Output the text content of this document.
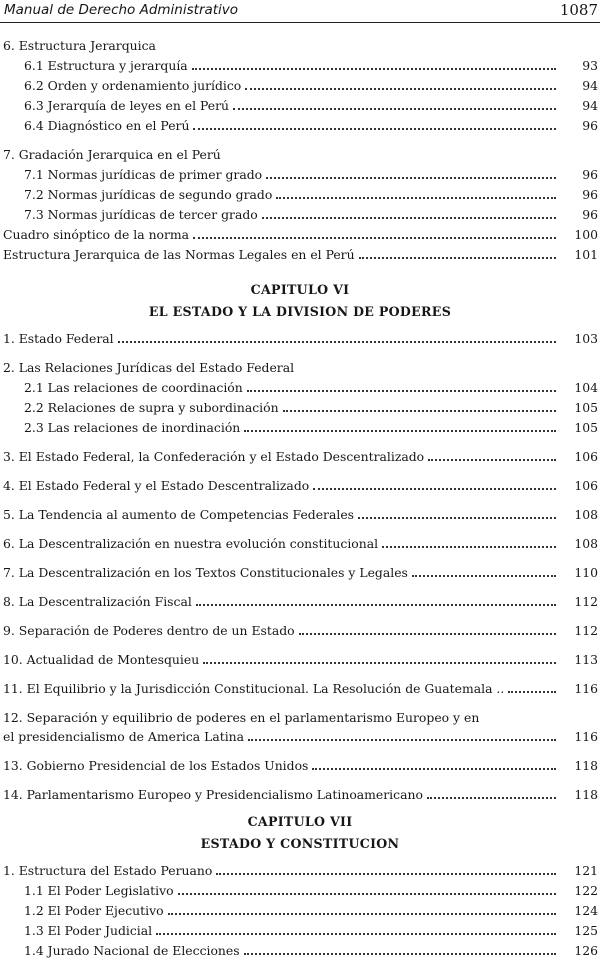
Manual de Derecho Administrativo	1087
6. Estructura Jerarquica
6.1 Estructura y jerarquía	93
6.2 Orden y ordenamiento jurídico	94
6.3 Jerarquía de leyes en el Perú	94
6.4 Diagnóstico en el Perú	96
7. Gradación Jerarquica en el Perú
7.1 Normas jurídicas de primer grado	96
7.2 Normas jurídicas de segundo grado	96
7.3 Normas jurídicas de tercer grado	96
Cuadro sinóptico de la norma	100
Estructura Jerarquica de las Normas Legales en el Perú	101
CAPITULO VI
EL ESTADO Y LA DIVISION DE PODERES
1. Estado Federal	103
2. Las Relaciones Jurídicas del Estado Federal
2.1 Las relaciones de coordinación	104
2.2 Relaciones de supra y subordinación	105
2.3 Las relaciones de inordinación	105
3. El Estado Federal, la Confederación y el Estado Descentralizado	106
4. El Estado Federal y el Estado Descentralizado	106
5. La Tendencia al aumento de Competencias Federales	108
6. La Descentralización en nuestra evolución constitucional	108
7. La Descentralización en los Textos Constitucionales y Legales	110
8. La Descentralización Fiscal	112
9. Separación de Poderes dentro de un Estado	112
10. Actualidad de Montesquieu	113
11. El Equilibrio y la Jurisdicción Constitucional. La Resolución de Guatemala ..	116
12. Separación y equilibrio de poderes en el parlamentarismo Europeo y en
el presidencialismo de America Latina	116
13. Gobierno Presidencial de los Estados Unidos	118
14. Parlamentarismo Europeo y Presidencialismo Latinoamericano	118
CAPITULO VII
ESTADO Y CONSTITUCION
1. Estructura del Estado Peruano	121
1.1 El Poder Legislativo	122
1.2 El Poder Ejecutivo	124
1.3 El Poder Judicial	125
1.4 Jurado Nacional de Elecciones	126
